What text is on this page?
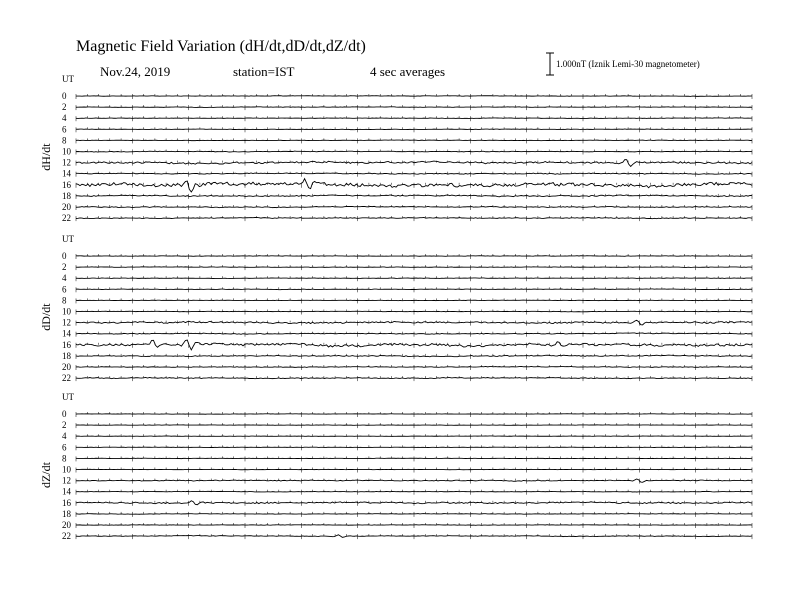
Magnetic Field Variation (dH/dt,dD/dt,dZ/dt)
Nov.24, 2019	station=IST	4 sec averages	1.000nT (Iznik Lemi-30 magnetometer)
UT
dH/dt
0
2
4
6
8
10
12
14
16
18
20
22
UT
dD/dt
0
2
4
6
8
10
12
14
16
18
20
22
UT
dZ/dt
0
2
4
6
8
10
12
14
16
18
20
22
